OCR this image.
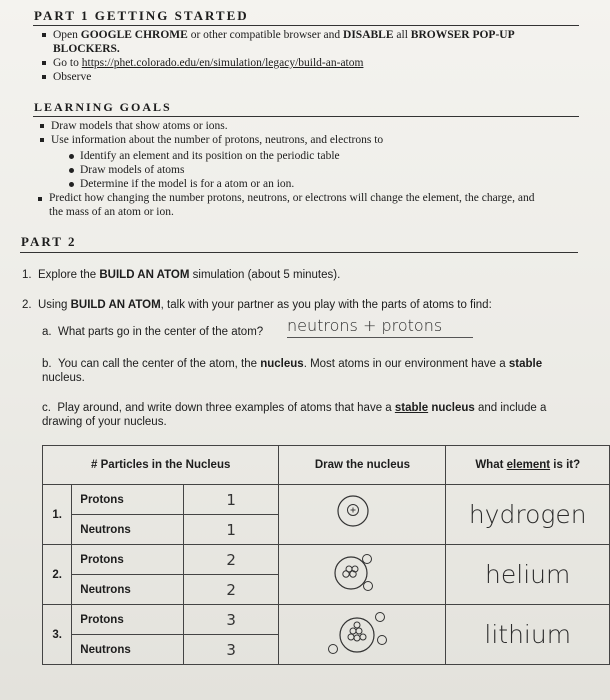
PART 1 GETTING STARTED
Open GOOGLE CHROME or other compatible browser and DISABLE all BROWSER POP-UP BLOCKERS.
Go to https://phet.colorado.edu/en/simulation/legacy/build-an-atom
Observe
LEARNING GOALS
Draw models that show atoms or ions.
Use information about the number of protons, neutrons, and electrons to
Identify an element and its position on the periodic table
Draw models of atoms
Determine if the model is for a atom or an ion.
Predict how changing the number protons, neutrons, or electrons will change the element, the charge, and the mass of an atom or ion.
PART 2
1. Explore the BUILD AN ATOM simulation (about 5 minutes).
2. Using BUILD AN ATOM, talk with your partner as you play with the parts of atoms to find:
a. What parts go in the center of the atom? neutrons + protons
b. You can call the center of the atom, the nucleus. Most atoms in our environment have a stable nucleus.
c. Play around, and write down three examples of atoms that have a stable nucleus and include a drawing of your nucleus.
# Particles in the Nucleus			Draw the nucleus	What element is it?
1.	Protons	1		hydrogen

	Neutrons	1		
2.	Protons	2		helium

	Neutrons	2		
3.	Protons	3		lithium

	Neutrons	3		
